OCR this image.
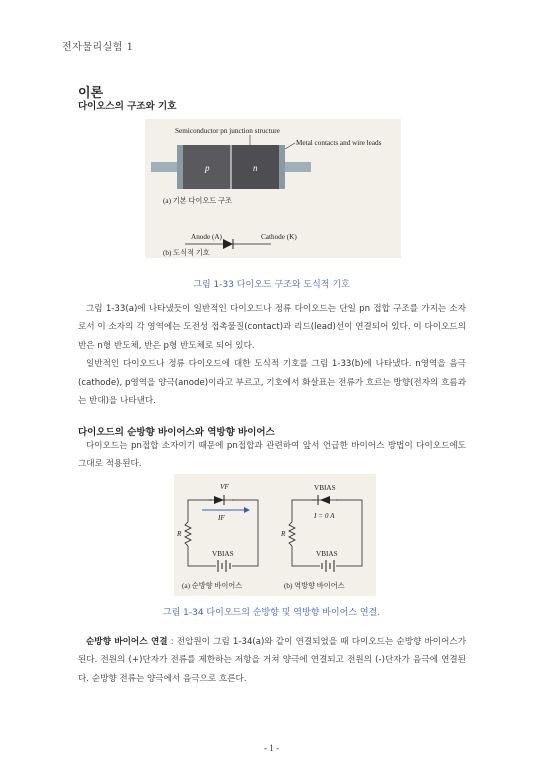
전자물리실험 1
이론
다이오스의 구조와 기호
Semiconductor pn junction structure
p	n
Metal contacts and wire leads
(a) 기본 다이오드 구조
Anode (A)	Cathode (K)
(b) 도식적 기호
그림 1-33 다이오드 구조와 도식적 기호

그림 1-33(a)에 나타냈듯이 일반적인 다이오드나 정류 다이오드는 단일 pn 접합 구조를 가지는 소자로서 이 소자의 각 영역에는 도전성 접촉물질(contact)과 리드(lead)선이 연결되어 있다. 이 다이오드의 반은 n형 반도체, 반은 p형 반도체로 되어 있다.

일반적인 다이오드나 정류 다이오드에 대한 도식적 기호를 그림 1-33(b)에 나타냈다. n영역을 음극(cathode), p영역을 양극(anode)이라고 부르고, 기호에서 화살표는 전류가 흐르는 방향(전자의 흐름과는 반대)을 나타낸다.

다이오드의 순방향 바이어스와 역방향 바이어스

다이오드는 pn접합 소자이기 때문에 pn접합과 관련하여 앞서 언급한 바이어스 방법이 다이오드에도 그대로 적용된다.

VF
IF
R
VBIAS
(a) 순방향 바이어스
VBIAS
I = 0 A
R
VBIAS
(b) 역방향 바이어스
그림 1-34 다이오드의 순방향 및 역방향 바이어스 연결.

순방향 바이어스 연결 : 전압원이 그림 1-34(a)와 같이 연결되었을 때 다이오드는 순방향 바이어스가 된다. 전원의 (+)단자가 전류를 제한하는 저항을 거쳐 양극에 연결되고 전원의 (-)단자가 음극에 연결된다. 순방향 전류는 양극에서 음극으로 흐른다.

- 1 -
